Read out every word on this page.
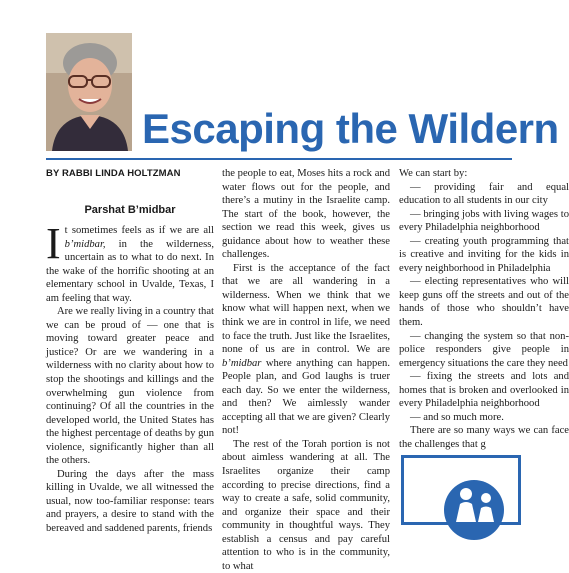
Escaping the Wildern
BY RABBI LINDA HOLTZMAN
Parshat B’midbar

It sometimes feels as if we are all b’midbar, in the wilderness, uncertain as to what to do next. In the wake of the horrific shooting at an elementary school in Uvalde, Texas, I am feeling that way.

Are we really living in a country that we can be proud of — one that is moving toward greater peace and justice? Or are we wandering in a wilderness with no clarity about how to stop the shootings and killings and the overwhelming gun violence from continuing? Of all the countries in the developed world, the United States has the highest percentage of deaths by gun violence, significantly higher than all the others.

During the days after the mass killing in Uvalde, we all witnessed the usual, now too-familiar response: tears and prayers, a desire to stand with the bereaved and saddened parents, friends

the people to eat, Moses hits a rock and water flows out for the people, and there’s a mutiny in the Israelite camp. The start of the book, however, the section we read this week, gives us guidance about how to weather these challenges.

First is the acceptance of the fact that we are all wandering in a wilderness. When we think that we know what will happen next, when we think we are in control in life, we need to face the truth. Just like the Israelites, none of us are in control. We are b’midbar where anything can happen. People plan, and God laughs is truer each day. So we enter the wilderness, and then? We aimlessly wander accepting all that we are given? Clearly not!

The rest of the Torah portion is not about aimless wandering at all. The Israelites organize their camp according to precise directions, find a way to create a safe, solid community, and organize their space and their community in thoughtful ways. They establish a census and pay careful attention to who is in the community, to what

We can start by:

— providing fair and equal education to all students in our city

— bringing jobs with living wages to every Philadelphia neighborhood

— creating youth programming that is creative and inviting for the kids in every neighborhood in Philadelphia

— electing representatives who will keep guns off the streets and out of the hands of those who shouldn’t have them.

— changing the system so that non-police responders give people in emergency situations the care they need

— fixing the streets and lots and homes that is broken and overlooked in every Philadelphia neighborhood

— and so much more.

There are so many ways we can face the challenges that g
